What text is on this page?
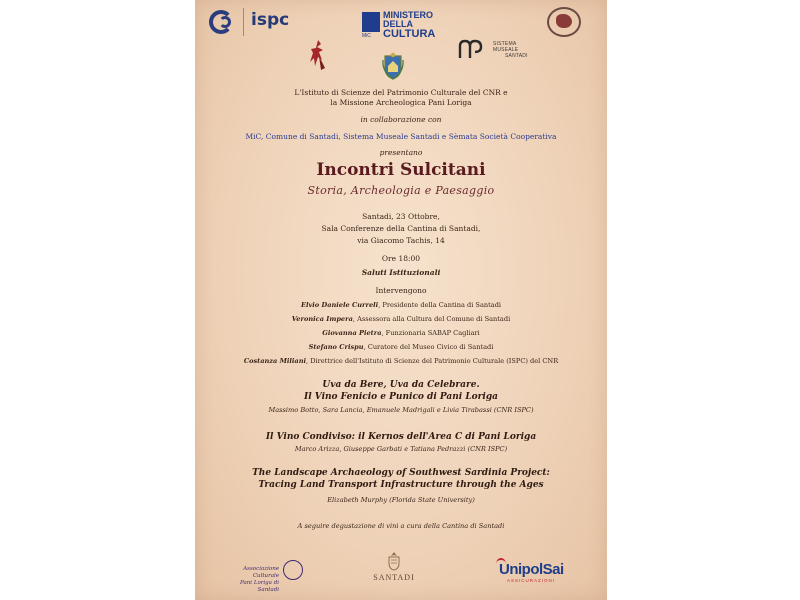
ispc	MINISTERO
DELLA
CULTURA
MiC
SISTEMA
MUSEALE
SANTADI
L'Istituto di Scienze del Patrimonio Culturale del CNR e
la Missione Archeologica Pani Loriga
in collaborazione con
MiC, Comune di Santadi, Sistema Museale Santadi e Sèmata Società Cooperativa
presentano
Incontri Sulcitani
Storia, Archeologia e Paesaggio
Santadi, 23 Ottobre,
Sala Conferenze della Cantina di Santadi,
via Giacomo Tachis, 14
Ore 18:00
Saluti Istituzionali
Intervengono
Elvio Daniele Curreli, Presidente della Cantina di Santadi
Veronica Impera, Assessora alla Cultura del Comune di Santadi
Giovanna Pietra, Funzionaria SABAP Cagliari
Stefano Crispu, Curatore del Museo Civico di Santadi
Costanza Miliani, Direttrice dell'Istituto di Scienze del Patrimonio Culturale (ISPC) del CNR
Uva da Bere, Uva da Celebrare.
Il Vino Fenicio e Punico di Pani Loriga
Massimo Botto, Sara Lancia, Emanuele Madrigali e Livia Tirabassi (CNR ISPC)
Il Vino Condiviso: il Kernos dell'Area C di Pani Loriga
Marco Arizza, Giuseppe Garbati e Tatiana Pedrazzi (CNR ISPC)
The Landscape Archaeology of Southwest Sardinia Project:
Tracing Land Transport Infrastructure through the Ages
Elizabeth Murphy (Florida State University)
A seguire degustazione di vini a cura della Cantina di Santadi
Associazione Culturale
Pani Loriga di Santadi
SANTADI	UnipolSai
ASSICURAZIONI
